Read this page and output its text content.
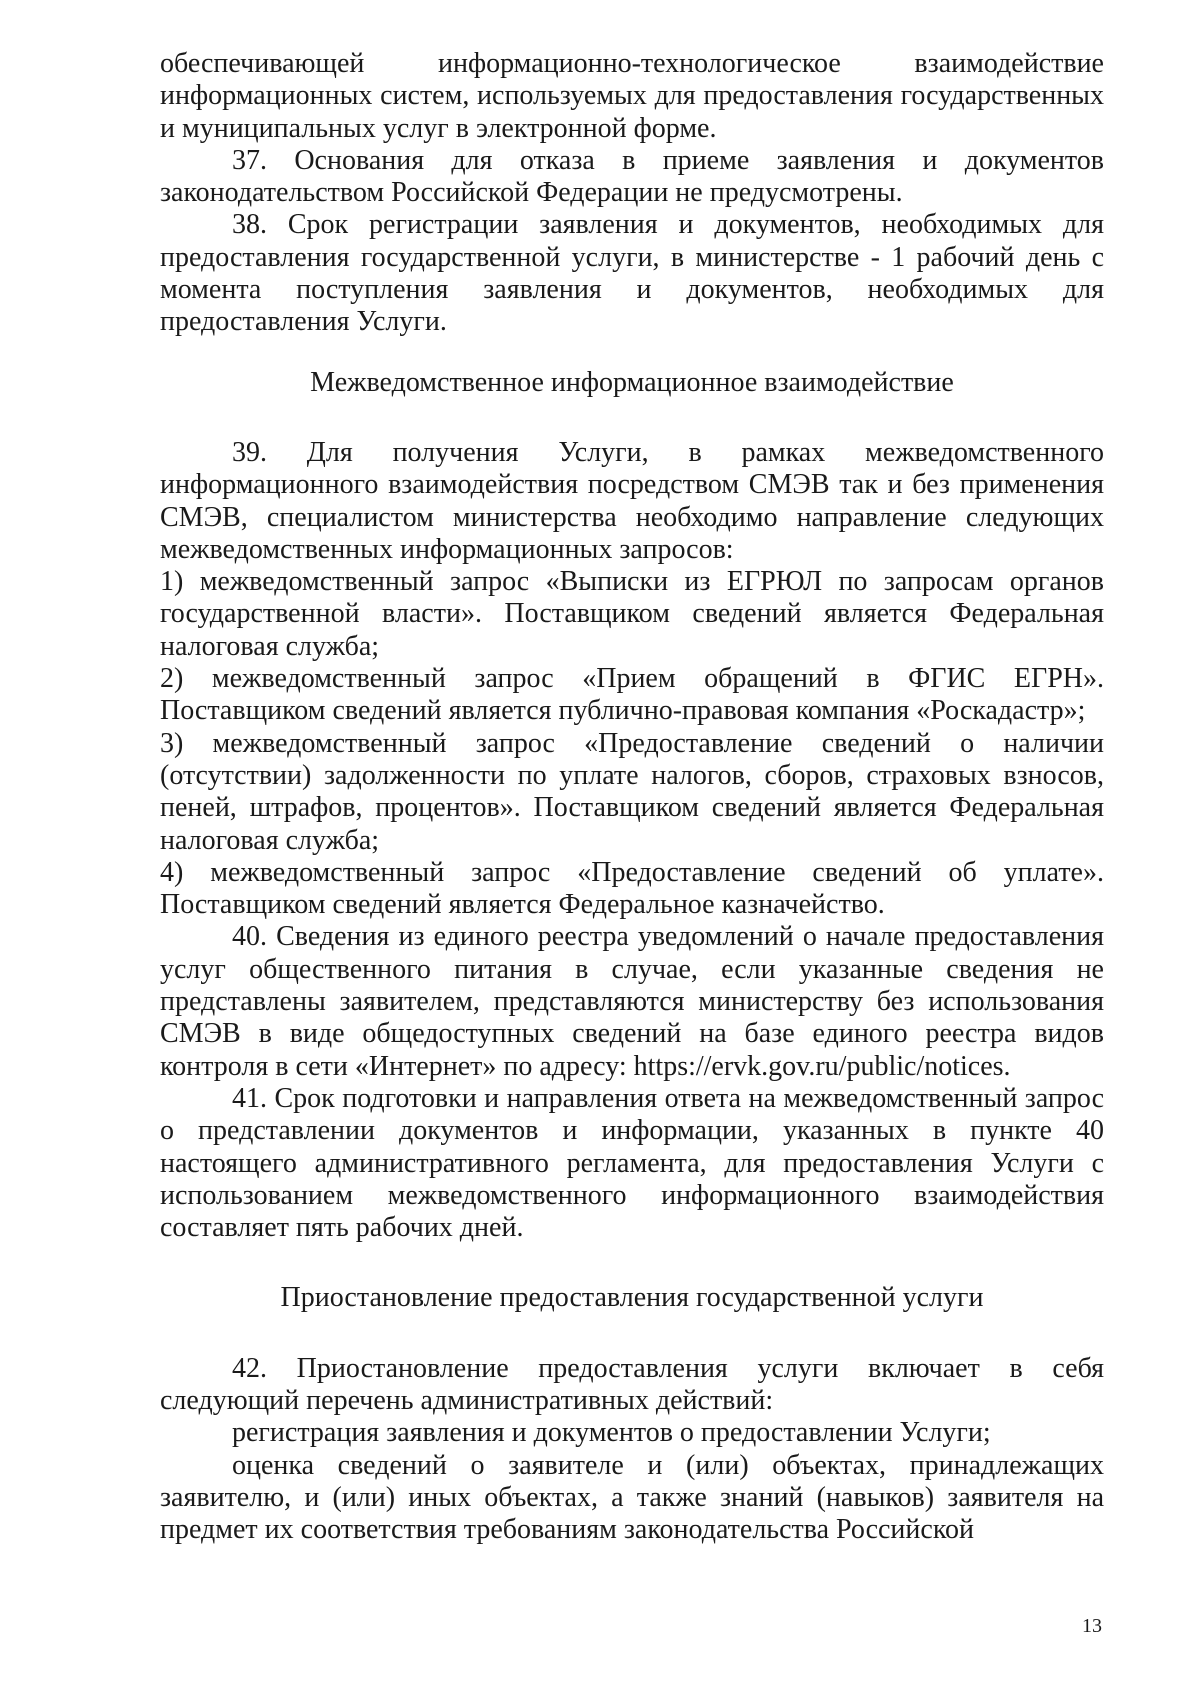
обеспечивающей информационно-технологическое взаимодействие информационных систем, используемых для предоставления государственных и муниципальных услуг в электронной форме.

37. Основания для отказа в приеме заявления и документов законодательством Российской Федерации не предусмотрены.

38. Срок регистрации заявления и документов, необходимых для предоставления государственной услуги, в министерстве - 1 рабочий день с момента поступления заявления и документов, необходимых для предоставления Услуги.

Межведомственное информационное взаимодействие

39. Для получения Услуги, в рамках межведомственного информационного взаимодействия посредством СМЭВ так и без применения СМЭВ, специалистом министерства необходимо направление следующих межведомственных информационных запросов:

1) межведомственный запрос «Выписки из ЕГРЮЛ по запросам органов государственной власти». Поставщиком сведений является Федеральная налоговая служба;

2) межведомственный запрос «Прием обращений в ФГИС ЕГРН». Поставщиком сведений является публично-правовая компания «Роскадастр»;

3) межведомственный запрос «Предоставление сведений о наличии (отсутствии) задолженности по уплате налогов, сборов, страховых взносов, пеней, штрафов, процентов». Поставщиком сведений является Федеральная налоговая служба;

4) межведомственный запрос «Предоставление сведений об уплате». Поставщиком сведений является Федеральное казначейство.

40. Сведения из единого реестра уведомлений о начале предоставления услуг общественного питания в случае, если указанные сведения не представлены заявителем, представляются министерству без использования СМЭВ в виде общедоступных сведений на базе единого реестра видов контроля в сети «Интернет» по адресу: https://ervk.gov.ru/public/notices.

41. Срок подготовки и направления ответа на межведомственный запрос о представлении документов и информации, указанных в пункте 40 настоящего административного регламента, для предоставления Услуги с использованием межведомственного информационного взаимодействия составляет пять рабочих дней.

Приостановление предоставления государственной услуги

42. Приостановление предоставления услуги включает в себя следующий перечень административных действий:

регистрация заявления и документов о предоставлении Услуги;

оценка сведений о заявителе и (или) объектах, принадлежащих заявителю, и (или) иных объектах, а также знаний (навыков) заявителя на предмет их соответствия требованиям законодательства Российской

13
